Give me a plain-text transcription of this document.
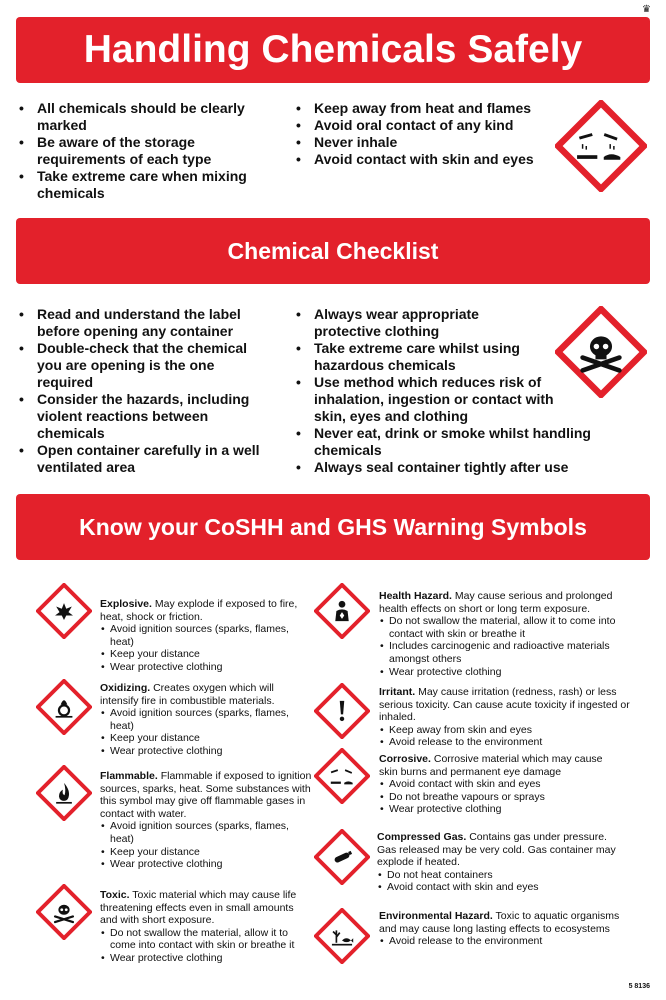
♛
Handling Chemicals Safely
• All chemicals should be clearly marked
• Be aware of the storage requirements of each type
• Take extreme care when mixing chemicals
• Keep away from heat and flames
• Avoid oral contact of any kind
• Never inhale
• Avoid contact with skin and eyes
Chemical Checklist
• Read and understand the label before opening any container
• Double-check that the chemical you are opening is the one required
• Consider the hazards, including violent reactions between chemicals
• Open container carefully in a well ventilated area
• Always wear appropriate protective clothing
• Take extreme care whilst using hazardous chemicals
• Use method which reduces risk of inhalation, ingestion or contact with skin, eyes and clothing
• Never eat, drink or smoke whilst handling chemicals
• Always seal container tightly after use
Know your CoSHH and GHS Warning Symbols
Explosive. May explode if exposed to fire, heat, shock or friction.
• Avoid ignition sources (sparks, flames, heat)
• Keep your distance
• Wear protective clothing
Oxidizing. Creates oxygen which will intensify fire in combustible materials.
• Avoid ignition sources (sparks, flames, heat)
• Keep your distance
• Wear protective clothing
Flammable. Flammable if exposed to ignition sources, sparks, heat. Some substances with this symbol may give off flammable gases in contact with water.
• Avoid ignition sources (sparks, flames, heat)
• Keep your distance
• Wear protective clothing
Toxic. Toxic material which may cause life threatening effects even in small amounts and with short exposure.
• Do not swallow the material, allow it to come into contact with skin or breathe it
• Wear protective clothing
Health Hazard. May cause serious and prolonged health effects on short or long term exposure.
• Do not swallow the material, allow it to come into contact with skin or breathe it
• Includes carcinogenic and radioactive materials amongst others
• Wear protective clothing
Irritant. May cause irritation (redness, rash) or less serious toxicity. Can cause acute toxicity if ingested or inhaled.
• Keep away from skin and eyes
• Avoid release to the environment
Corrosive. Corrosive material which may cause skin burns and permanent eye damage
• Avoid contact with skin and eyes
• Do not breathe vapours or sprays
• Wear protective clothing
Compressed Gas. Contains gas under pressure. Gas released may be very cold. Gas container may explode if heated.
• Do not heat containers
• Avoid contact with skin and eyes
Environmental Hazard. Toxic to aquatic organisms and may cause long lasting effects to ecosystems
• Avoid release to the environment
5 8136
